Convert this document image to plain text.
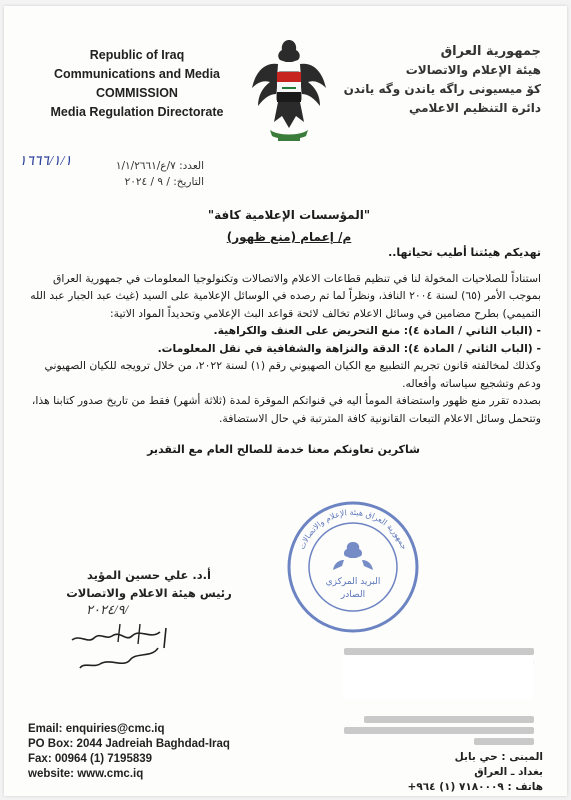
Republic of Iraq
Communications and Media
COMMISSION
Media Regulation Directorate
جمهورية العراق
هيئة الإعلام والاتصالات
كۆ ميسيونى راگه ياندن وگه ياندن
دائرة التنظيم الاعلامي
١٦٦٦/١/١	العدد: ٧/ع/١/١/٢٦٦١
التاريخ: / ٩ / ٢٠٢٤
"المؤسسات الإعلامية كافة"
م/ إعمام (منع ظهور)

تهديكم هيئتنا أطيب تحياتها..

استناداً للصلاحيات المخولة لنا في تنظيم قطاعات الاعلام والاتصالات وتكنولوجيا المعلومات في جمهورية العراق بموجب الأمر (٦٥) لسنة ٢٠٠٤ النافذ، ونظراً لما تم رصده في الوسائل الإعلامية على السيد (غيث عبد الجبار عبد الله التميمي) بطرح مضامين في وسائل الاعلام تخالف لائحة قواعد البث الإعلامي وتحديداً المواد الاتية:

- (الباب الثاني / المادة ٤): منع التحريض على العنف والكراهية.

- (الباب الثاني / المادة ٤): الدقة والنزاهة والشفافية في نقل المعلومات.

وكذلك لمخالفته قانون تجريم التطبيع مع الكيان الصهيوني رقم (١) لسنة ٢٠٢٢، من خلال ترويجه للكيان الصهيوني ودعم وتشجيع سياساته وأفعاله.

بصدده تقرر منع ظهور واستضافة المومأ اليه في قنواتكم الموقرة لمدة (ثلاثة أشهر) فقط من تاريخ صدور كتابنا هذا، وتتحمل وسائل الاعلام التبعات القانونية كافة المترتبة في حال الاستضافة.

شاكرين تعاونكم معنا خدمة للصالح العام مع التقدير

جمهورية العراق هيئة الإعلام والاتصالات
البريد المركزي
الصادر
أ.د. علي حسين المؤيد
رئيس هيئة الاعلام والاتصالات
٢٠٢٤/٩/
Email: enquiries@cmc.iq
PO Box: 2044 Jadreiah Baghdad-Iraq
Fax: 00964 (1) 7195839
website: www.cmc.iq
المبنى : حي بابل
بغداد ـ العراق
هاتف : ٧١٨٠٠٠٩ (١) ٩٦٤+
